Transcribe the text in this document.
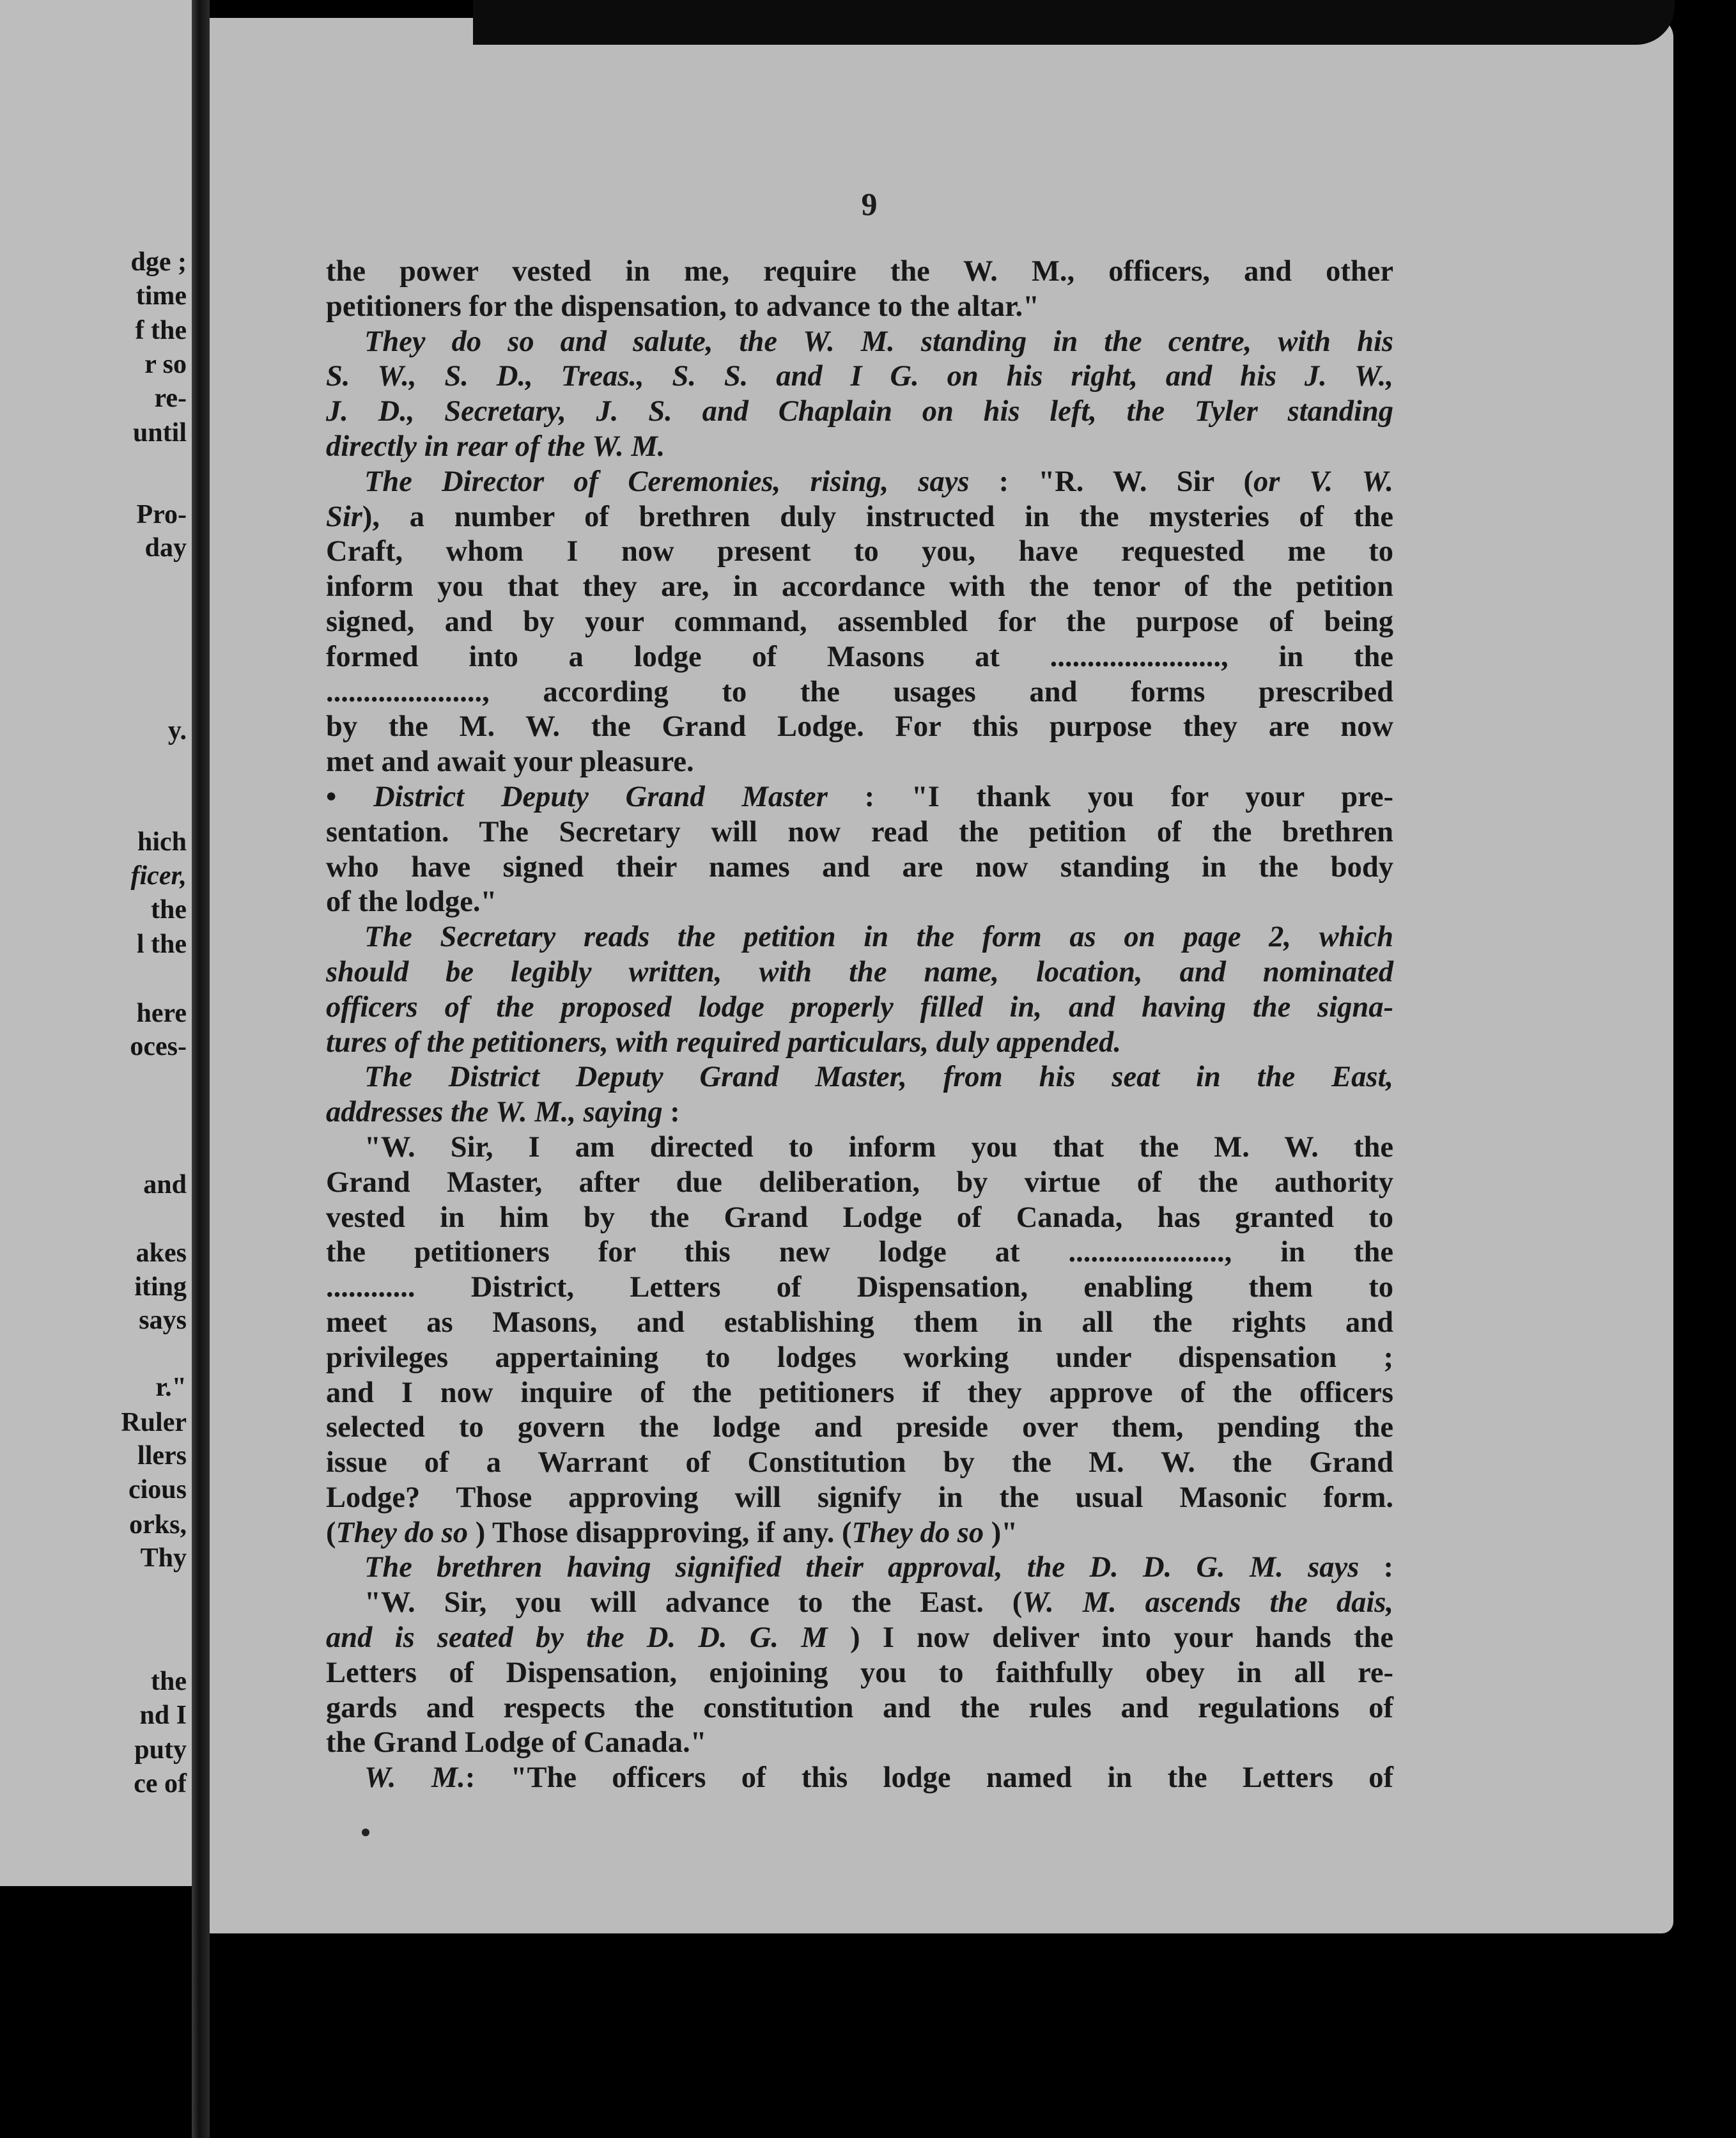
dge ;
time
f the
r so
re-
until
Pro-
day
y.
hich
ficer,
the
l the
here
oces-
and
akes
iting
says
r."
Ruler
llers
cious
orks,
Thy
the
nd I
puty
ce of
9
the power vested in me, require the W. M., officers, and other
petitioners for the dispensation, to advance to the altar."
They do so and salute, the W. M. standing in the centre, with his
S. W., S. D., Treas., S. S. and I G. on his right, and his J. W.,
J. D., Secretary, J. S. and Chaplain on his left, the Tyler standing
directly in rear of the W. M.
The Director of Ceremonies, rising, says : "R. W. Sir (or V. W.
Sir), a number of brethren duly instructed in the mysteries of the
Craft, whom I now present to you, have requested me to
inform you that they are, in accordance with the tenor of the petition
signed, and by your command, assembled for the purpose of being
formed into a lodge of Masons at ......................., in the
....................., according to the usages and forms prescribed
by the M. W. the Grand Lodge. For this purpose they are now
met and await your pleasure.
• District Deputy Grand Master : "I thank you for your pre-
sentation. The Secretary will now read the petition of the brethren
who have signed their names and are now standing in the body
of the lodge."
The Secretary reads the petition in the form as on page 2, which
should be legibly written, with the name, location, and nominated
officers of the proposed lodge properly filled in, and having the signa-
tures of the petitioners, with required particulars, duly appended.
The District Deputy Grand Master, from his seat in the East,
addresses the W. M., saying :
"W. Sir, I am directed to inform you that the M. W. the
Grand Master, after due deliberation, by virtue of the authority
vested in him by the Grand Lodge of Canada, has granted to
the petitioners for this new lodge at ....................., in the
............ District, Letters of Dispensation, enabling them to
meet as Masons, and establishing them in all the rights and
privileges appertaining to lodges working under dispensation ;
and I now inquire of the petitioners if they approve of the officers
selected to govern the lodge and preside over them, pending the
issue of a Warrant of Constitution by the M. W. the Grand
Lodge? Those approving will signify in the usual Masonic form.
(They do so ) Those disapproving, if any. (They do so )"
The brethren having signified their approval, the D. D. G. M. says :
"W. Sir, you will advance to the East. (W. M. ascends the dais,
and is seated by the D. D. G. M ) I now deliver into your hands the
Letters of Dispensation, enjoining you to faithfully obey in all re-
gards and respects the constitution and the rules and regulations of
the Grand Lodge of Canada."
W. M.: "The officers of this lodge named in the Letters of
